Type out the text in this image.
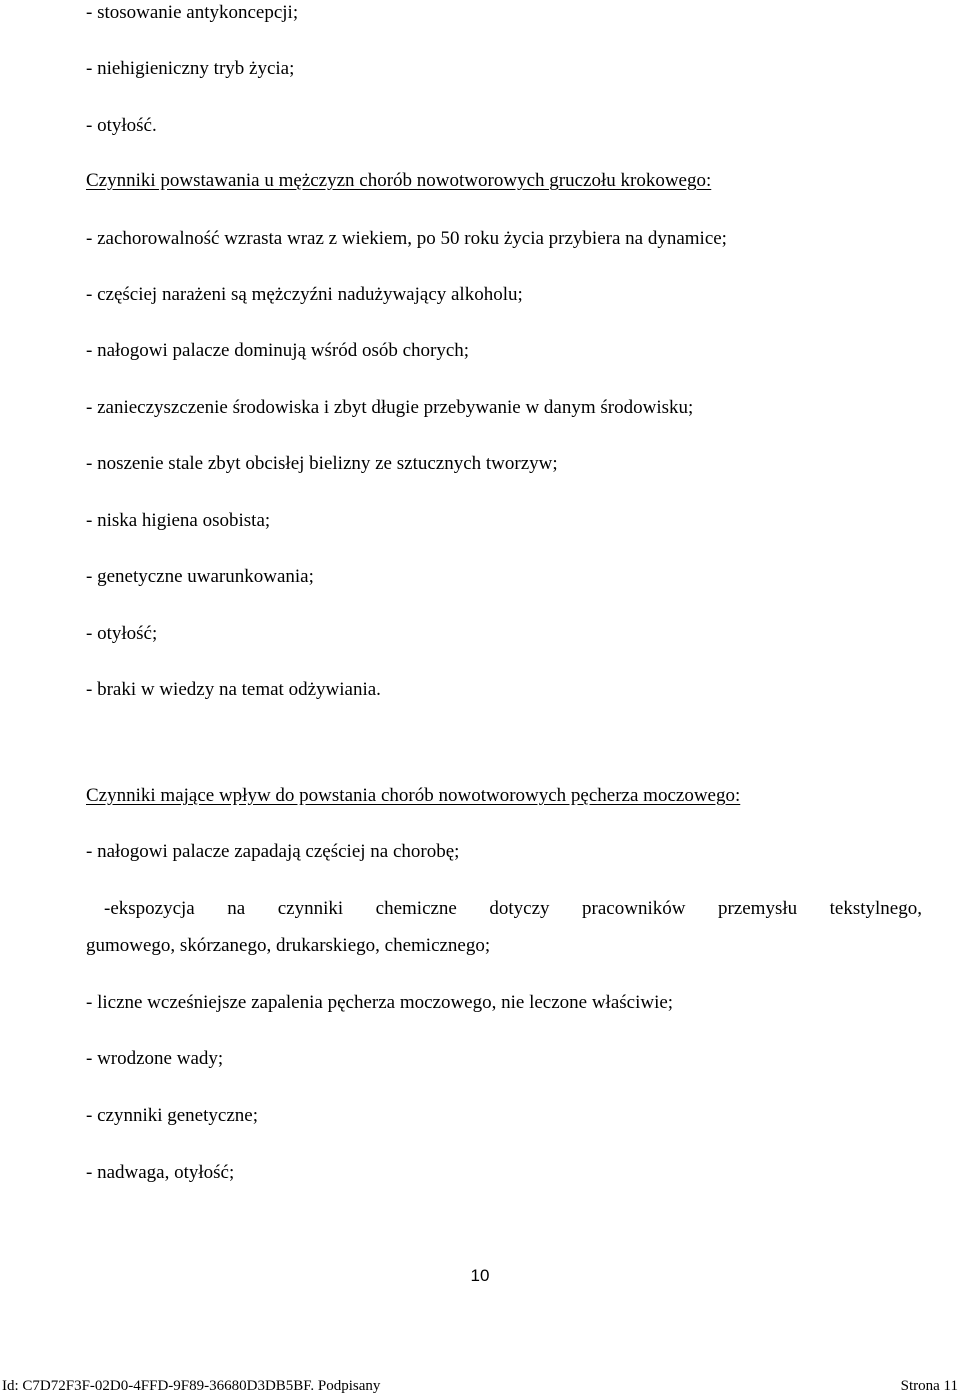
- stosowanie antykoncepcji;

- niehigieniczny tryb życia;

- otyłość.

Czynniki powstawania u mężczyzn chorób nowotworowych gruczołu krokowego:

- zachorowalność wzrasta wraz z wiekiem, po 50 roku życia przybiera na dynamice;

- częściej narażeni są mężczyźni nadużywający alkoholu;

- nałogowi palacze dominują wśród osób chorych;

- zanieczyszczenie środowiska i zbyt długie przebywanie w danym środowisku;

- noszenie stale zbyt obcisłej bielizny ze sztucznych tworzyw;

- niska higiena osobista;

- genetyczne uwarunkowania;

- otyłość;

- braki w wiedzy na temat odżywiania.

Czynniki mające wpływ do powstania chorób nowotworowych pęcherza moczowego:

- nałogowi palacze zapadają częściej na chorobę;

-ekspozycja na czynniki chemiczne dotyczy pracowników przemysłu tekstylnego,

gumowego, skórzanego, drukarskiego, chemicznego;

- liczne wcześniejsze zapalenia pęcherza moczowego, nie leczone właściwie;

- wrodzone wady;

- czynniki genetyczne;

- nadwaga, otyłość;

10
Id: C7D72F3F-02D0-4FFD-9F89-36680D3DB5BF. Podpisany	Strona 11
